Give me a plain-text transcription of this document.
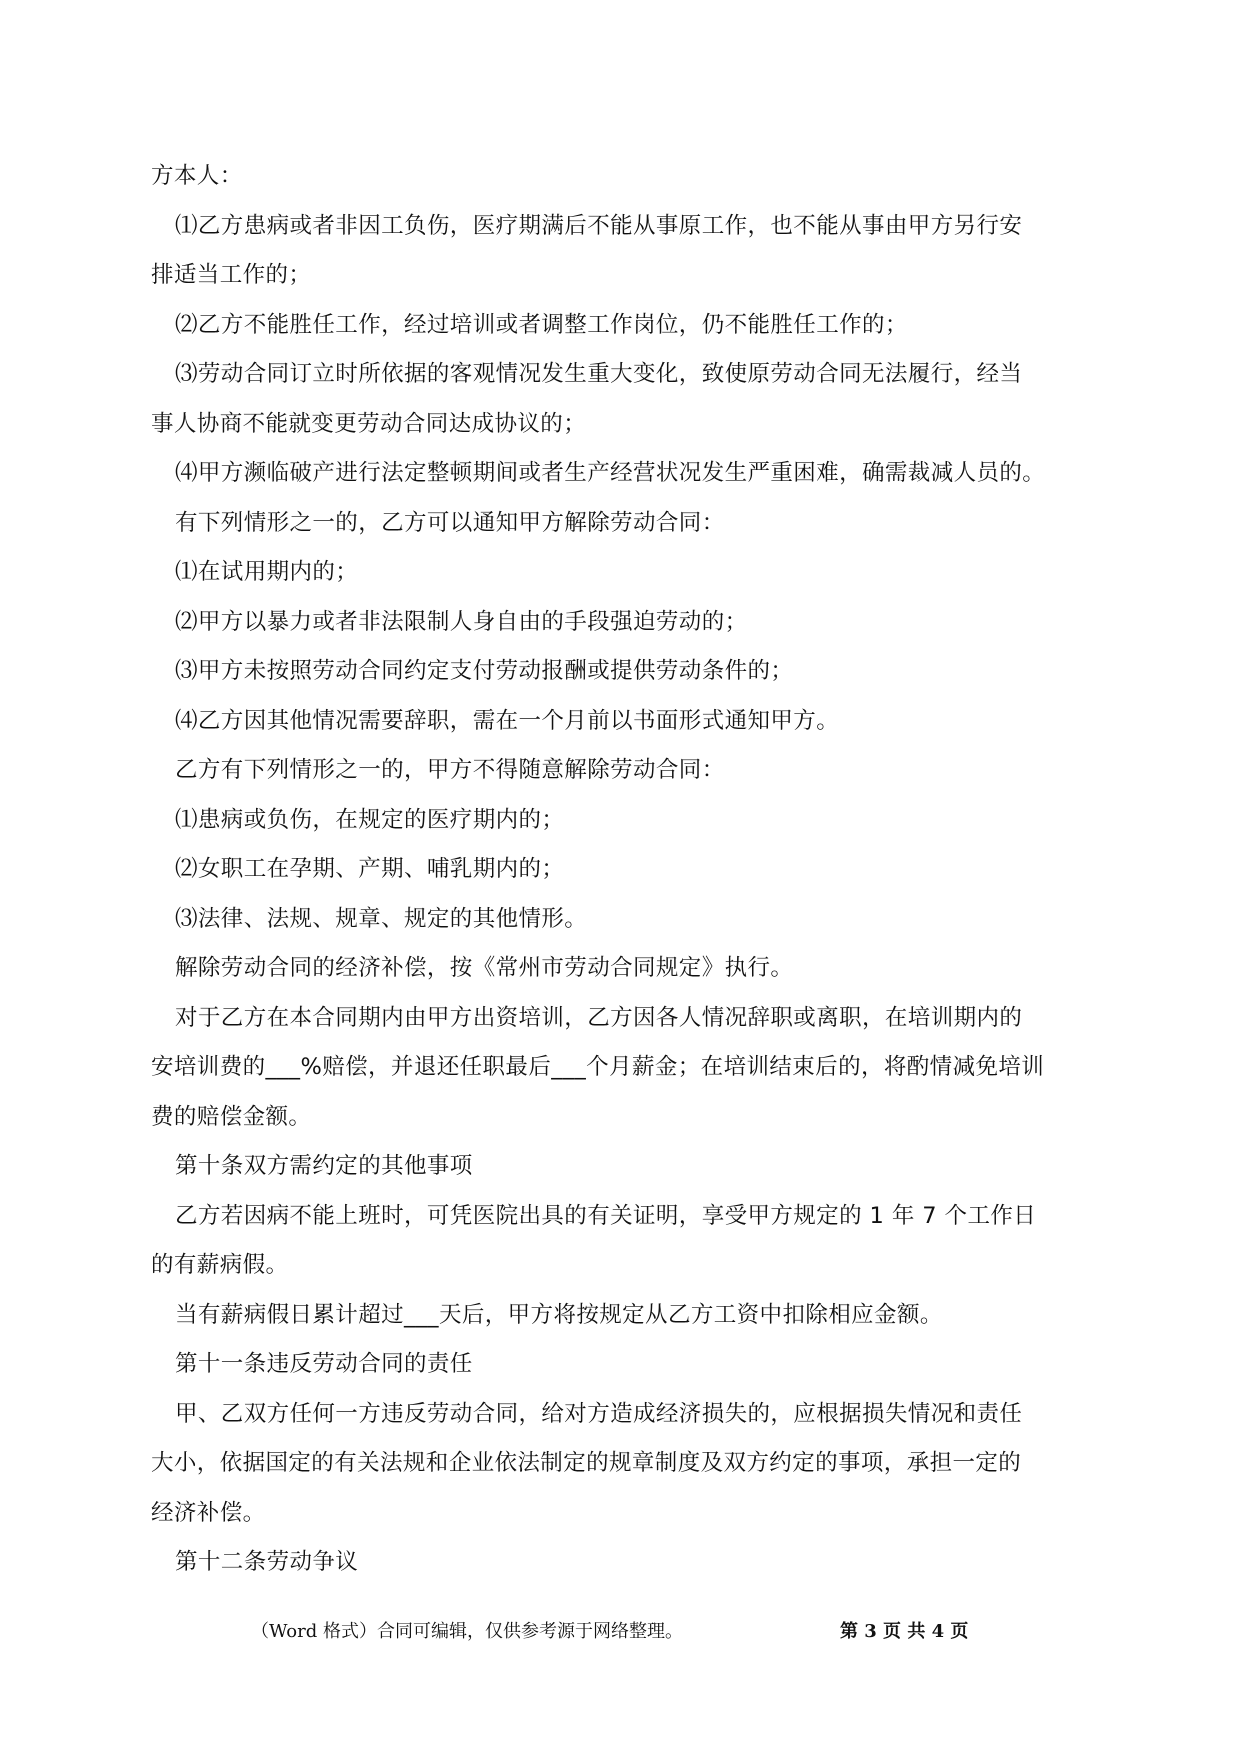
方本人：
⑴乙方患病或者非因工负伤，医疗期满后不能从事原工作，也不能从事由甲方另行安
排适当工作的；
⑵乙方不能胜任工作，经过培训或者调整工作岗位，仍不能胜任工作的；
⑶劳动合同订立时所依据的客观情况发生重大变化，致使原劳动合同无法履行，经当
事人协商不能就变更劳动合同达成协议的；
⑷甲方濒临破产进行法定整顿期间或者生产经营状况发生严重困难，确需裁减人员的。
有下列情形之一的，乙方可以通知甲方解除劳动合同：
⑴在试用期内的；
⑵甲方以暴力或者非法限制人身自由的手段强迫劳动的；
⑶甲方未按照劳动合同约定支付劳动报酬或提供劳动条件的；
⑷乙方因其他情况需要辞职，需在一个月前以书面形式通知甲方。
乙方有下列情形之一的，甲方不得随意解除劳动合同：
⑴患病或负伤，在规定的医疗期内的；
⑵女职工在孕期、产期、哺乳期内的；
⑶法律、法规、规章、规定的其他情形。
解除劳动合同的经济补偿，按《常州市劳动合同规定》执行。
对于乙方在本合同期内由甲方出资培训，乙方因各人情况辞职或离职，在培训期内的
安培训费的___%赔偿，并退还任职最后___个月薪金；在培训结束后的，将酌情减免培训
费的赔偿金额。
第十条双方需约定的其他事项
乙方若因病不能上班时，可凭医院出具的有关证明，享受甲方规定的 1 年 7 个工作日
的有薪病假。
当有薪病假日累计超过___天后，甲方将按规定从乙方工资中扣除相应金额。
第十一条违反劳动合同的责任
甲、乙双方任何一方违反劳动合同，给对方造成经济损失的，应根据损失情况和责任
大小，依据国定的有关法规和企业依法制定的规章制度及双方约定的事项，承担一定的
经济补偿。
第十二条劳动争议
（Word 格式）合同可编辑，仅供参考源于网络整理。	第 3 页 共 4 页
